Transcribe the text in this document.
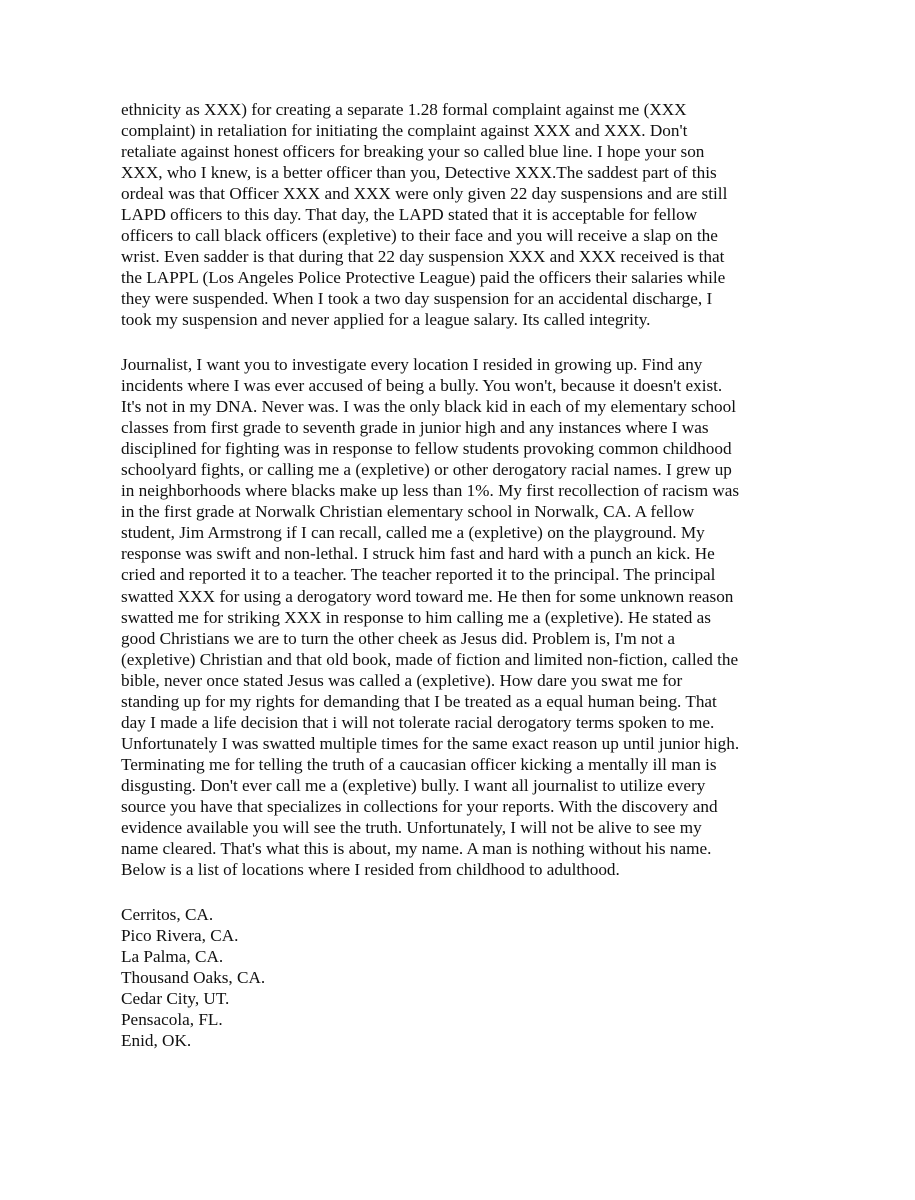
ethnicity as XXX) for creating a separate 1.28 formal complaint against me (XXX
complaint) in retaliation for initiating the complaint against XXX and XXX. Don't
retaliate against honest officers for breaking your so called blue line. I hope your son
XXX, who I knew, is a better officer than you, Detective XXX.The saddest part of this
ordeal was that Officer XXX and XXX were only given 22 day suspensions and are still
LAPD officers to this day. That day, the LAPD stated that it is acceptable for fellow
officers to call black officers (expletive) to their face and you will receive a slap on the
wrist. Even sadder is that during that 22 day suspension XXX and XXX received is that
the LAPPL (Los Angeles Police Protective League) paid the officers their salaries while
they were suspended. When I took a two day suspension for an accidental discharge, I
took my suspension and never applied for a league salary. Its called integrity.
Journalist, I want you to investigate every location I resided in growing up. Find any
incidents where I was ever accused of being a bully. You won't, because it doesn't exist.
It's not in my DNA. Never was. I was the only black kid in each of my elementary school
classes from first grade to seventh grade in junior high and any instances where I was
disciplined for fighting was in response to fellow students provoking common childhood
schoolyard fights, or calling me a (expletive) or other derogatory racial names. I grew up
in neighborhoods where blacks make up less than 1%. My first recollection of racism was
in the first grade at Norwalk Christian elementary school in Norwalk, CA. A fellow
student, Jim Armstrong if I can recall, called me a (expletive) on the playground. My
response was swift and non-lethal. I struck him fast and hard with a punch an kick. He
cried and reported it to a teacher. The teacher reported it to the principal. The principal
swatted XXX for using a derogatory word toward me. He then for some unknown reason
swatted me for striking XXX in response to him calling me a (expletive). He stated as
good Christians we are to turn the other cheek as Jesus did. Problem is, I'm not a
(expletive) Christian and that old book, made of fiction and limited non-fiction, called the
bible, never once stated Jesus was called a (expletive). How dare you swat me for
standing up for my rights for demanding that I be treated as a equal human being. That
day I made a life decision that i will not tolerate racial derogatory terms spoken to me.
Unfortunately I was swatted multiple times for the same exact reason up until junior high.
Terminating me for telling the truth of a caucasian officer kicking a mentally ill man is
disgusting. Don't ever call me a (expletive) bully. I want all journalist to utilize every
source you have that specializes in collections for your reports. With the discovery and
evidence available you will see the truth. Unfortunately, I will not be alive to see my
name cleared. That's what this is about, my name. A man is nothing without his name.
Below is a list of locations where I resided from childhood to adulthood.
Cerritos, CA.
Pico Rivera, CA.
La Palma, CA.
Thousand Oaks, CA.
Cedar City, UT.
Pensacola, FL.
Enid, OK.
